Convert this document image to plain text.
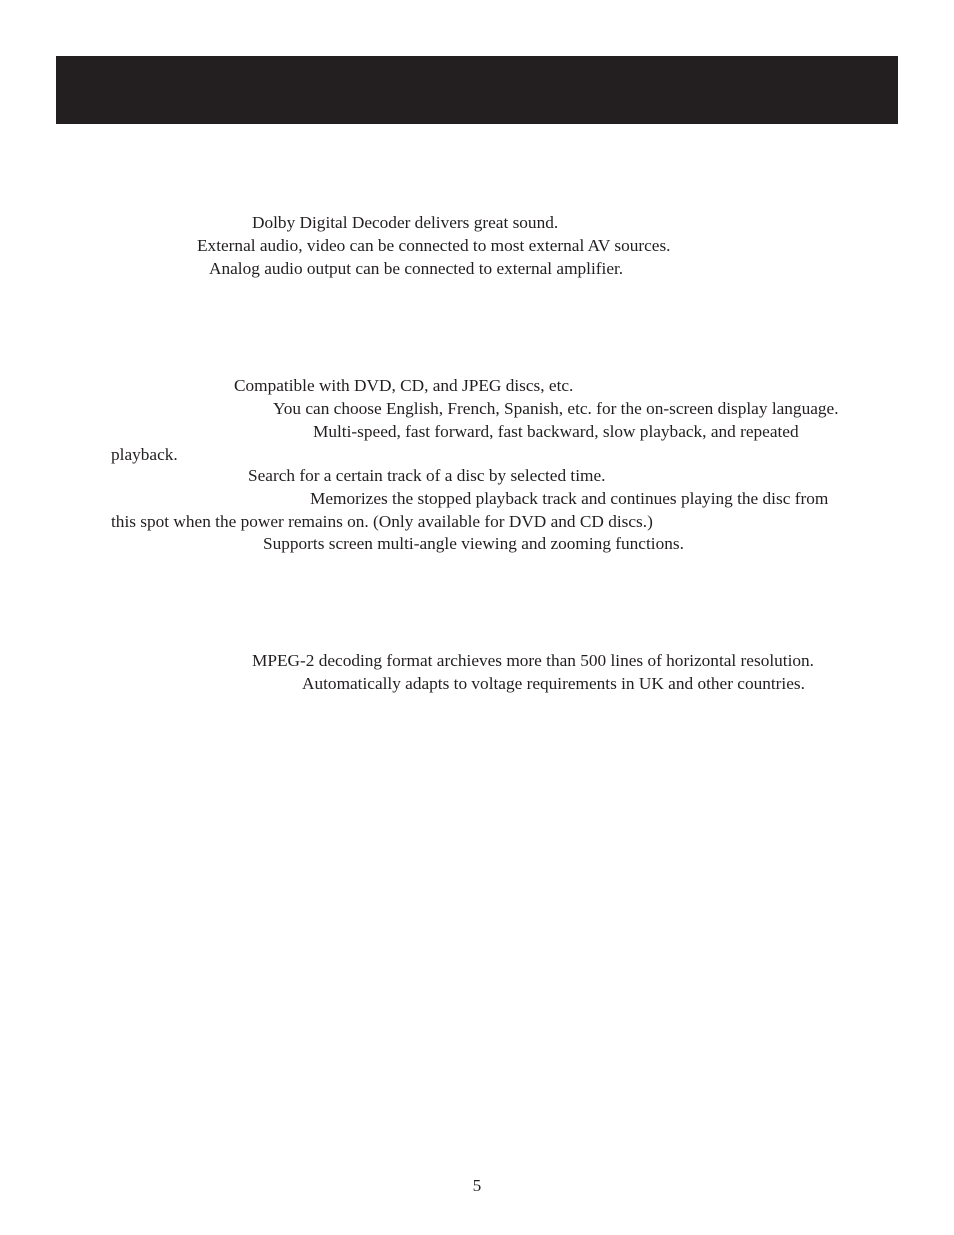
Dolby Digital Decoder delivers great sound.
External audio, video can be connected to most external AV sources.
Analog audio output can be connected to external amplifier.
Compatible with DVD, CD, and JPEG discs, etc.
You can choose English, French, Spanish, etc. for the on-screen display language.
Multi-speed, fast forward, fast backward, slow playback, and repeated
playback.
Search for a certain track of a disc by selected time.
Memorizes the stopped playback track and continues playing the disc from
this spot when the power remains on. (Only available for DVD and CD discs.)
Supports screen multi-angle viewing and zooming functions.
MPEG-2 decoding format archieves more than 500 lines of horizontal resolution.
Automatically adapts to voltage requirements in UK and other countries.
5
